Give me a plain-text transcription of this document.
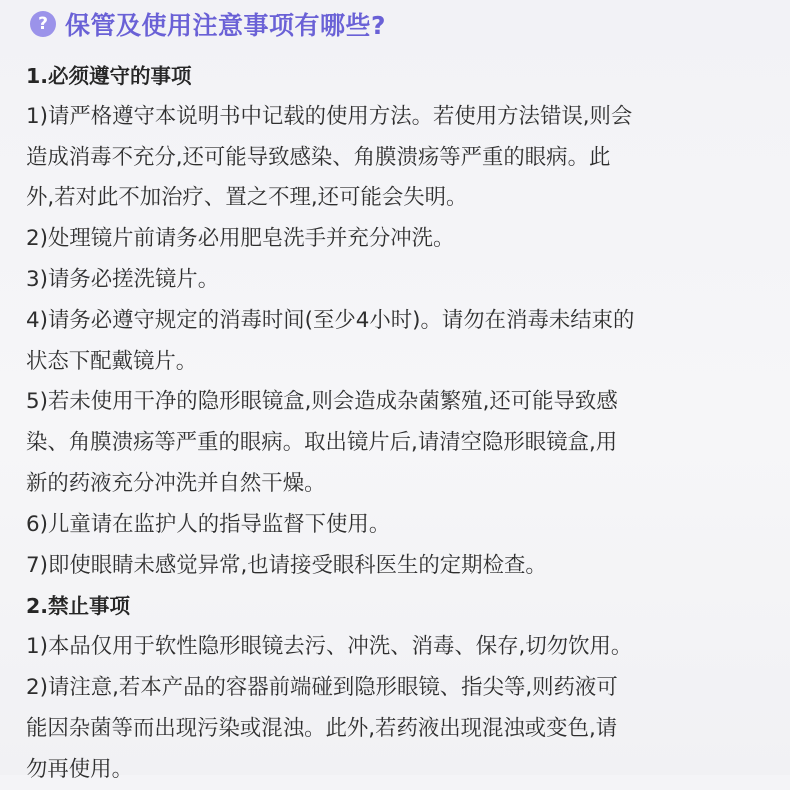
? 保管及使用注意事项有哪些?
1.必须遵守的事项
1)请严格遵守本说明书中记载的使用方法。若使用方法错误,则会
造成消毒不充分,还可能导致感染、角膜溃疡等严重的眼病。此
外,若对此不加治疗、置之不理,还可能会失明。
2)处理镜片前请务必用肥皂洗手并充分冲洗。
3)请务必搓洗镜片。
4)请务必遵守规定的消毒时间(至少4小时)。请勿在消毒未结束的
状态下配戴镜片。
5)若未使用干净的隐形眼镜盒,则会造成杂菌繁殖,还可能导致感
染、角膜溃疡等严重的眼病。取出镜片后,请清空隐形眼镜盒,用
新的药液充分冲洗并自然干燥。
6)儿童请在监护人的指导监督下使用。
7)即使眼睛未感觉异常,也请接受眼科医生的定期检查。
2.禁止事项
1)本品仅用于软性隐形眼镜去污、冲洗、消毒、保存,切勿饮用。
2)请注意,若本产品的容器前端碰到隐形眼镜、指尖等,则药液可
能因杂菌等而出现污染或混浊。此外,若药液出现混浊或变色,请
勿再使用。
